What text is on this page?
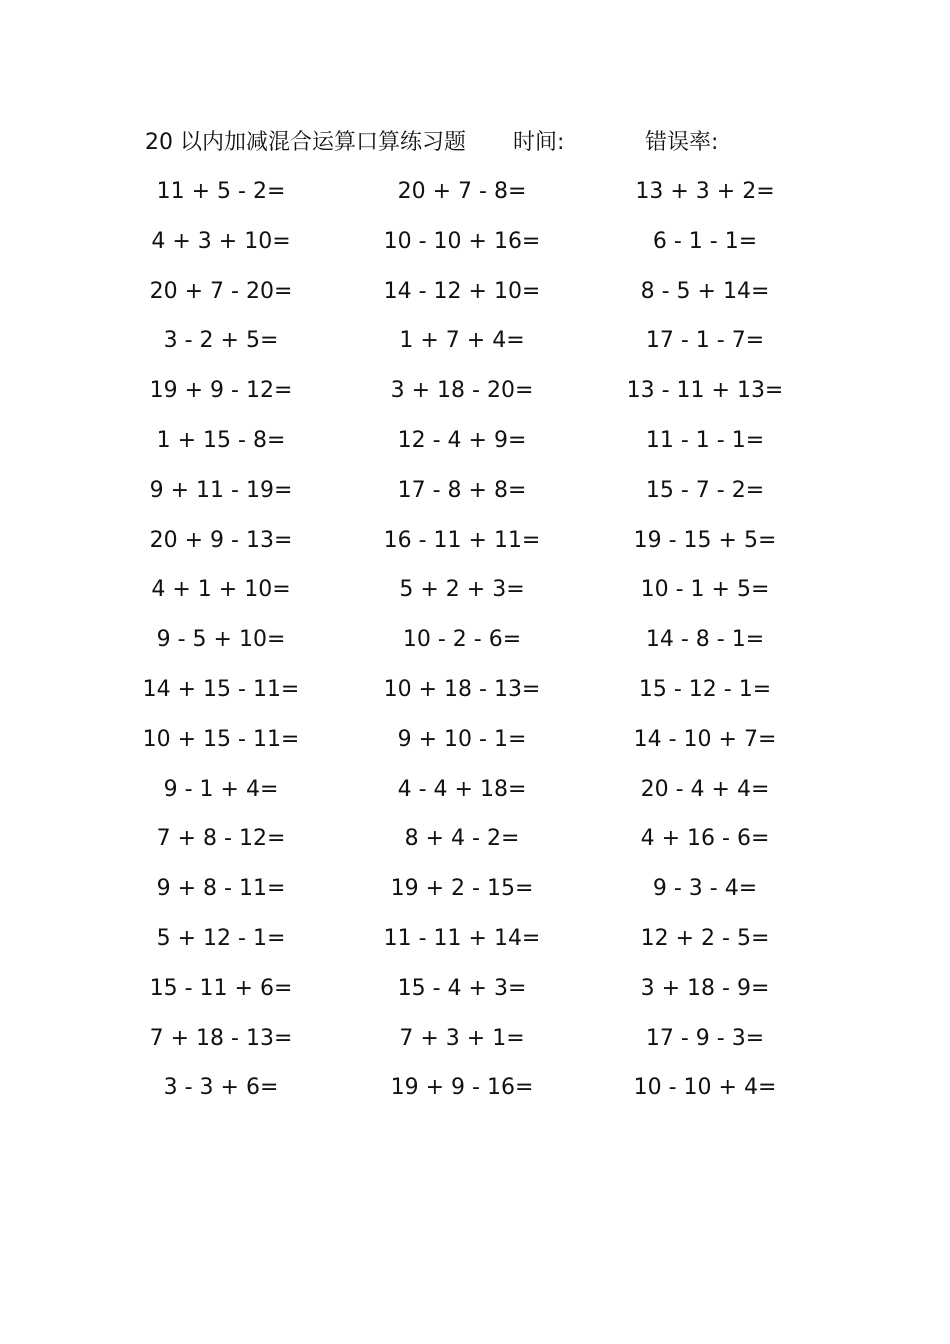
20 以内加减混合运算口算练习题 时间:	错误率:
11 + 5 - 2=	20 + 7 - 8=	13 + 3 + 2=
4 + 3 + 10=	10 - 10 + 16=	6 - 1 - 1=
20 + 7 - 20=	14 - 12 + 10=	8 - 5 + 14=
3 - 2 + 5=	1 + 7 + 4=	17 - 1 - 7=
19 + 9 - 12=	3 + 18 - 20=	13 - 11 + 13=
1 + 15 - 8=	12 - 4 + 9=	11 - 1 - 1=
9 + 11 - 19=	17 - 8 + 8=	15 - 7 - 2=
20 + 9 - 13=	16 - 11 + 11=	19 - 15 + 5=
4 + 1 + 10=	5 + 2 + 3=	10 - 1 + 5=
9 - 5 + 10=	10 - 2 - 6=	14 - 8 - 1=
14 + 15 - 11=	10 + 18 - 13=	15 - 12 - 1=
10 + 15 - 11=	9 + 10 - 1=	14 - 10 + 7=
9 - 1 + 4=	4 - 4 + 18=	20 - 4 + 4=
7 + 8 - 12=	8 + 4 - 2=	4 + 16 - 6=
9 + 8 - 11=	19 + 2 - 15=	9 - 3 - 4=
5 + 12 - 1=	11 - 11 + 14=	12 + 2 - 5=
15 - 11 + 6=	15 - 4 + 3=	3 + 18 - 9=
7 + 18 - 13=	7 + 3 + 1=	17 - 9 - 3=
3 - 3 + 6=	19 + 9 - 16=	10 - 10 + 4=
